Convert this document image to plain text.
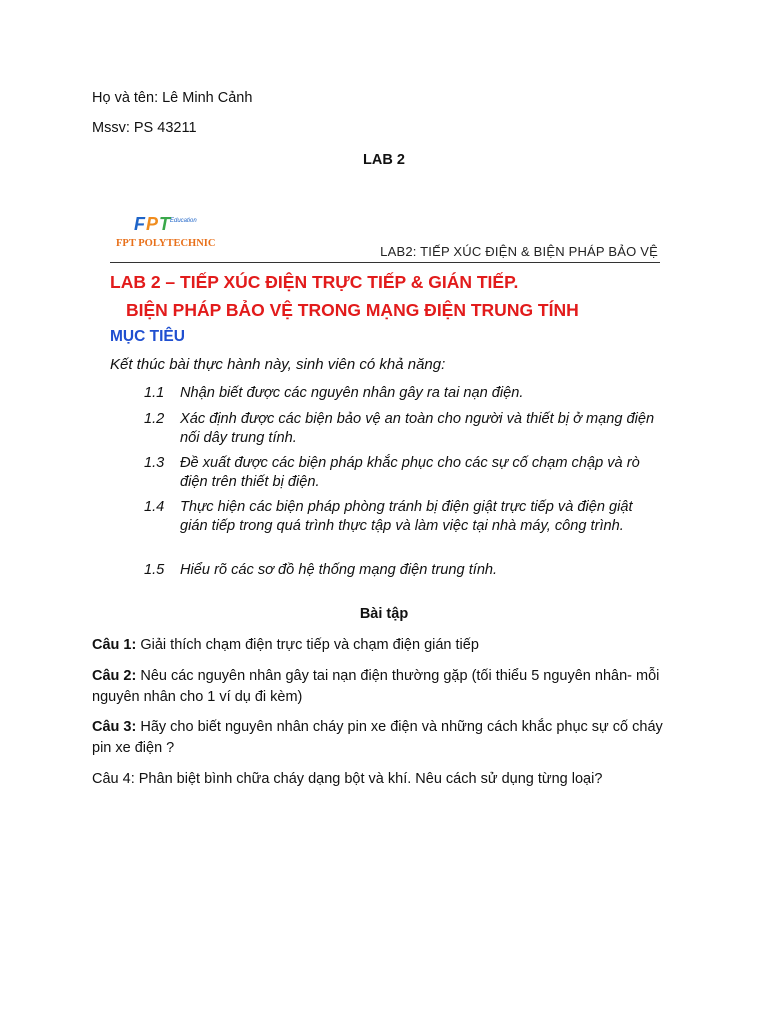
Họ và tên: Lê Minh Cảnh
Mssv: PS 43211
LAB 2
FPT
Education
FPT POLYTECHNIC
LAB2: TIẾP XÚC ĐIỆN & BIỆN PHÁP BẢO VỆ
LAB 2 – TIẾP XÚC ĐIỆN TRỰC TIẾP & GIÁN TIẾP.
BIỆN PHÁP BẢO VỆ TRONG MẠNG ĐIỆN TRUNG TÍNH
MỤC TIÊU
Kết thúc bài thực hành này, sinh viên có khả năng:
1.1 Nhận biết được các nguyên nhân gây ra tai nạn điện.
1.2 Xác định được các biện bảo vệ an toàn cho người và thiết bị ở mạng điện nối dây trung tính.
1.3 Đề xuất được các biện pháp khắc phục cho các sự cố chạm chập và rò điện trên thiết bị điện.
1.4 Thực hiện các biện pháp phòng tránh bị điện giật trực tiếp và điện giật gián tiếp trong quá trình thực tập và làm việc tại nhà máy, công trình.
1.5 Hiểu rõ các sơ đồ hệ thống mạng điện trung tính.
Bài tập
Câu 1: Giải thích chạm điện trực tiếp và chạm điện gián tiếp
Câu 2: Nêu các nguyên nhân gây tai nạn điện thường gặp (tối thiểu 5 nguyên nhân- mỗi nguyên nhân cho 1 ví dụ đi kèm)
Câu 3: Hãy cho biết nguyên nhân cháy pin xe điện và những cách khắc phục sự cố cháy pin xe điện ?
Câu 4: Phân biệt bình chữa cháy dạng bột và khí. Nêu cách sử dụng từng loại?
